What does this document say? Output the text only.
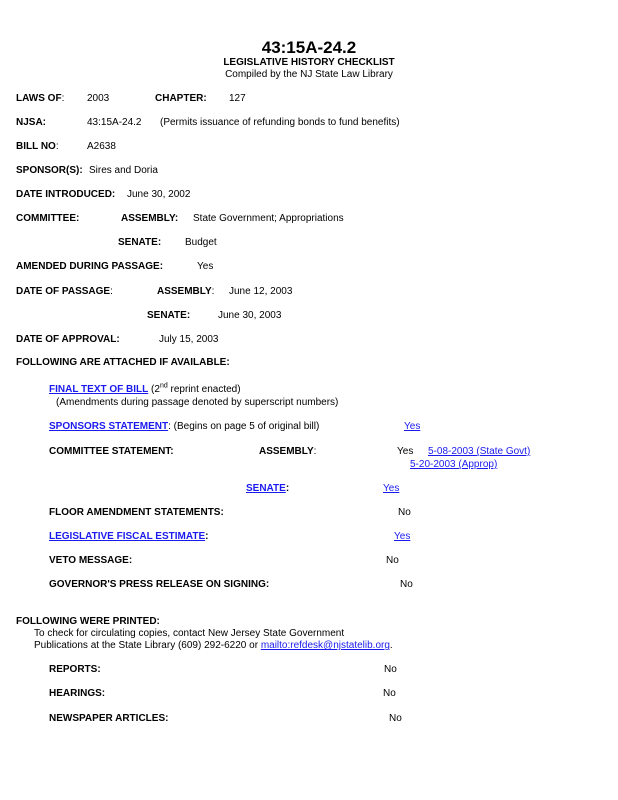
43:15A-24.2
LEGISLATIVE HISTORY CHECKLIST
Compiled by the NJ State Law Library
LAWS OF: 2003	CHAPTER: 127
NJSA:	43:15A-24.2 (Permits issuance of refunding bonds to fund benefits)
BILL NO:	A2638
SPONSOR(S): Sires and Doria
DATE INTRODUCED: June 30, 2002
COMMITTEE:	ASSEMBLY: State Government; Appropriations
SENATE: Budget
AMENDED DURING PASSAGE:	Yes
DATE OF PASSAGE:	ASSEMBLY: June 12, 2003
SENATE:	June 30, 2003
DATE OF APPROVAL:	July 15, 2003
FOLLOWING ARE ATTACHED IF AVAILABLE:
FINAL TEXT OF BILL (2nd reprint enacted)
(Amendments during passage denoted by superscript numbers)
SPONSORS STATEMENT: (Begins on page 5 of original bill)	Yes
COMMITTEE STATEMENT:	ASSEMBLY:	Yes 5-08-2003 (State Govt)
5-20-2003 (Approp)
SENATE:	Yes
FLOOR AMENDMENT STATEMENTS:	No
LEGISLATIVE FISCAL ESTIMATE:	Yes
VETO MESSAGE:	No
GOVERNOR'S PRESS RELEASE ON SIGNING:	No
FOLLOWING WERE PRINTED:
To check for circulating copies, contact New Jersey State Government
Publications at the State Library (609) 292-6220 or mailto:refdesk@njstatelib.org.
REPORTS:	No
HEARINGS:	No
NEWSPAPER ARTICLES:	No
